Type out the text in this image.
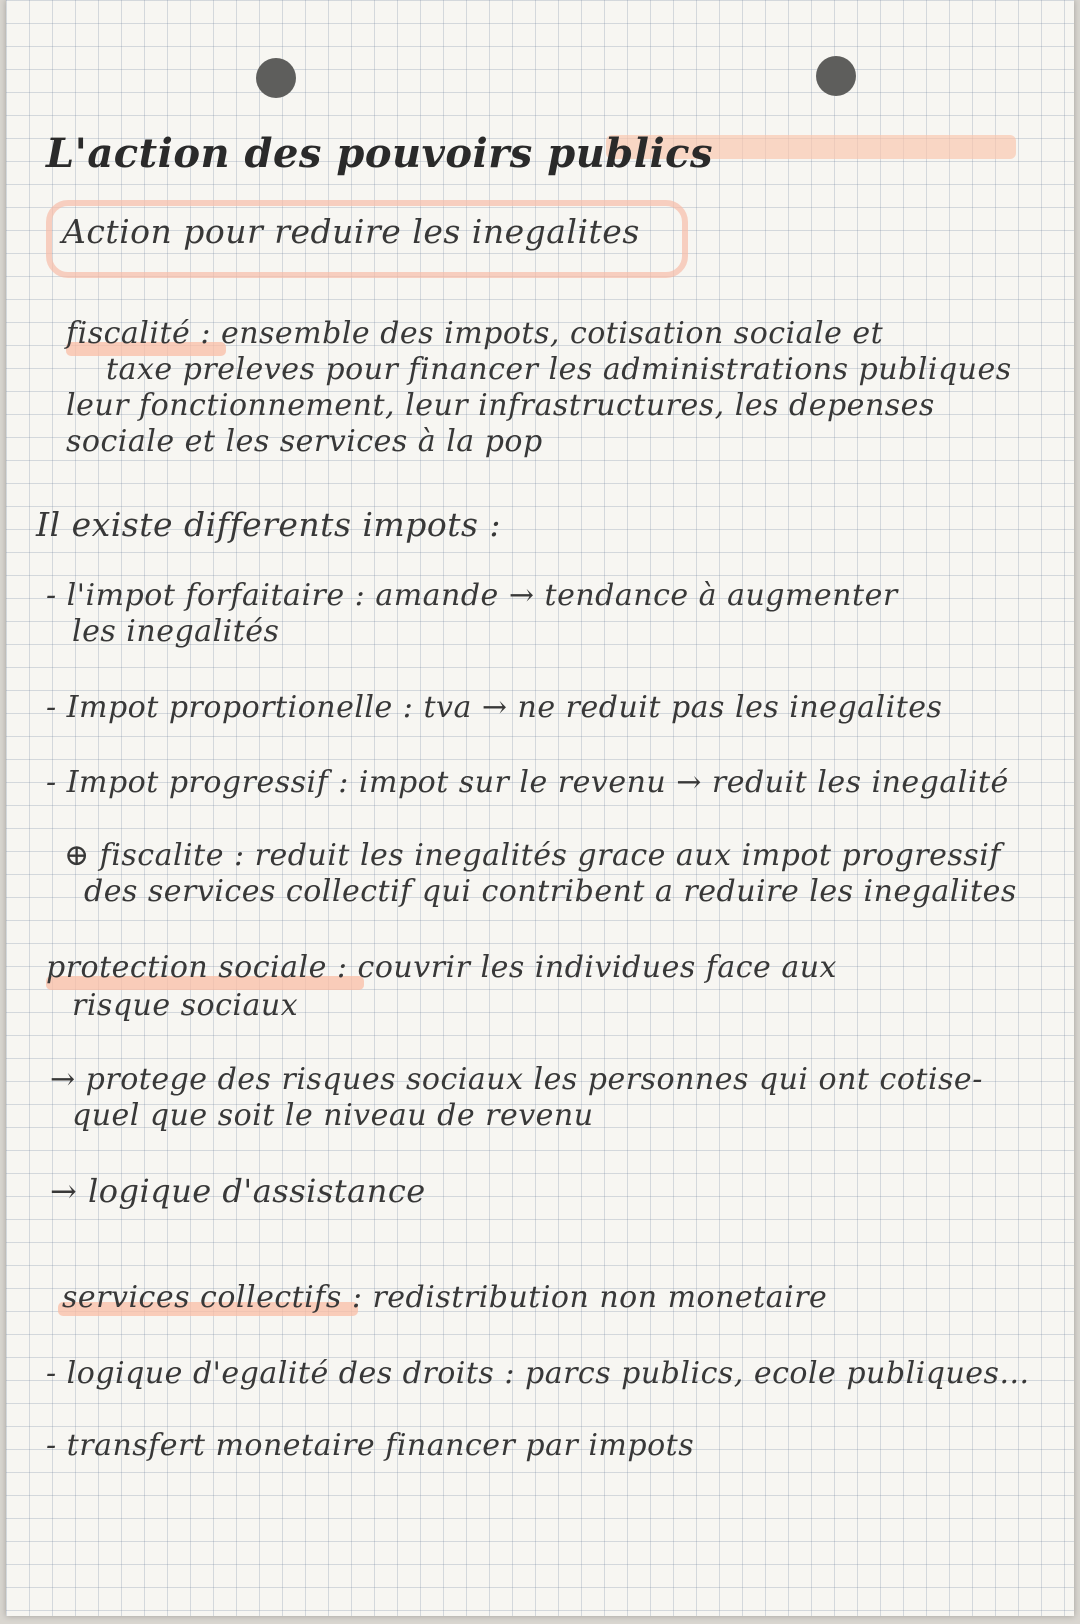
L'action des pouvoirs publics
Action pour reduire les inegalites
fiscalité : ensemble des impots, cotisation sociale et
taxe preleves pour financer les administrations publiques
leur fonctionnement, leur infrastructures, les depenses
sociale et les services à la pop
Il existe differents impots :
- l'impot forfaitaire : amande → tendance à augmenter
les inegalités
- Impot proportionelle : tva → ne reduit pas les inegalites
- Impot progressif : impot sur le revenu → reduit les inegalité
⊕ fiscalite : reduit les inegalités grace aux impot progressif
des services collectif qui contribent a reduire les inegalites
protection sociale : couvrir les individues face aux
risque sociaux
→ protege des risques sociaux les personnes qui ont cotise-
quel que soit le niveau de revenu
→ logique d'assistance
services collectifs : redistribution non monetaire
- logique d'egalité des droits : parcs publics, ecole publiques...
- transfert monetaire financer par impots
